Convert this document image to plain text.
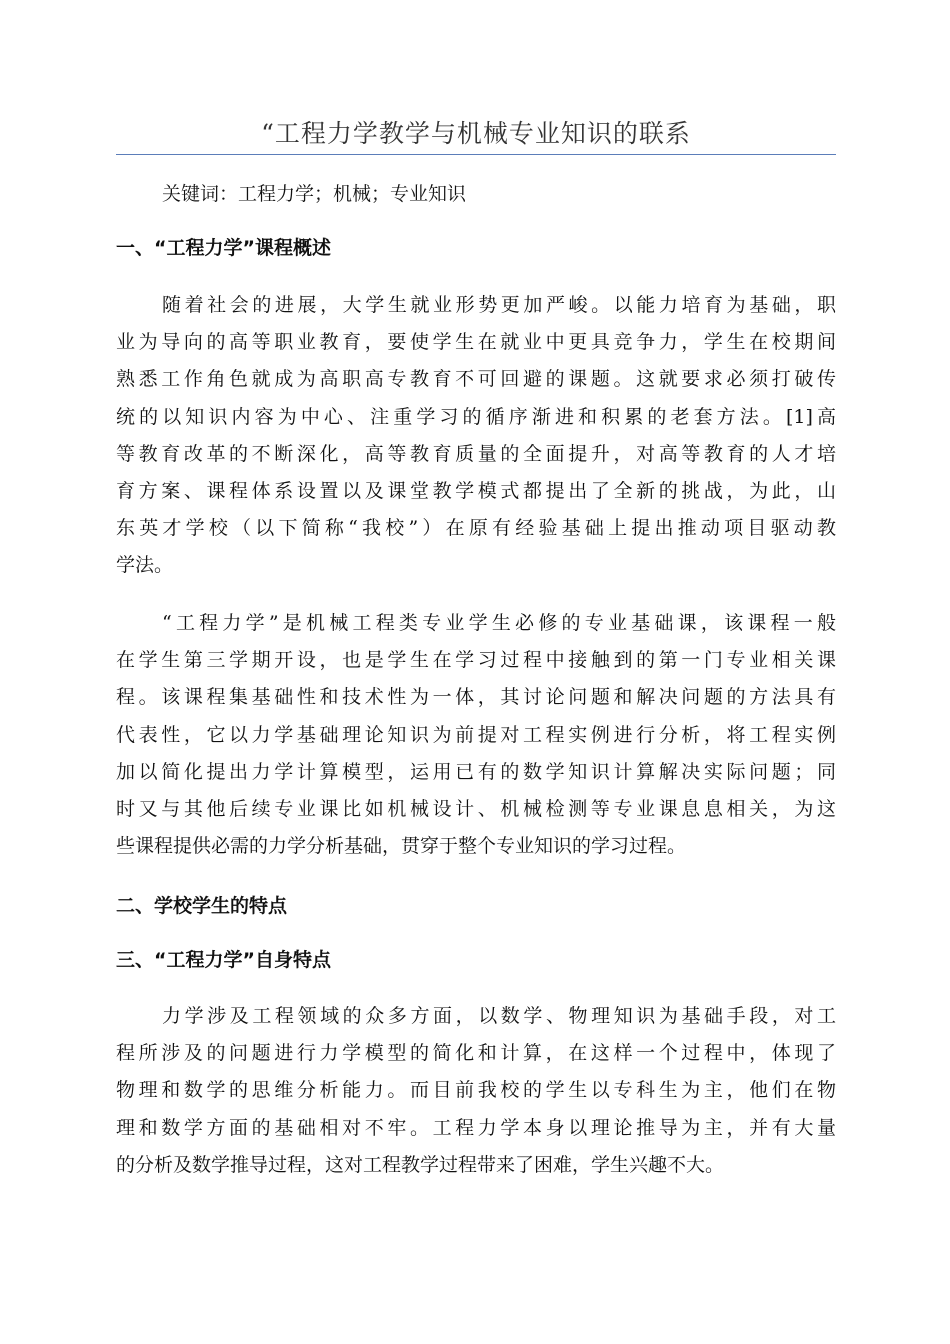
“工程力学教学与机械专业知识的联系
关键词：工程力学；机械；专业知识
一、“工程力学”课程概述
随着社会的进展，大学生就业形势更加严峻。以能力培育为基础，职
业为导向的高等职业教育，要使学生在就业中更具竞争力，学生在校期间
熟悉工作角色就成为高职高专教育不可回避的课题。这就要求必须打破传
统的以知识内容为中心、注重学习的循序渐进和积累的老套方法。[1]高
等教育改革的不断深化，高等教育质量的全面提升，对高等教育的人才培
育方案、课程体系设置以及课堂教学模式都提出了全新的挑战，为此，山
东英才学校（以下简称“我校”）在原有经验基础上提出推动项目驱动教
学法。
“工程力学”是机械工程类专业学生必修的专业基础课，该课程一般
在学生第三学期开设，也是学生在学习过程中接触到的第一门专业相关课
程。该课程集基础性和技术性为一体，其讨论问题和解决问题的方法具有
代表性，它以力学基础理论知识为前提对工程实例进行分析，将工程实例
加以简化提出力学计算模型，运用已有的数学知识计算解决实际问题；同
时又与其他后续专业课比如机械设计、机械检测等专业课息息相关，为这
些课程提供必需的力学分析基础，贯穿于整个专业知识的学习过程。
二、学校学生的特点
三、“工程力学”自身特点
力学涉及工程领域的众多方面，以数学、物理知识为基础手段，对工
程所涉及的问题进行力学模型的简化和计算，在这样一个过程中，体现了
物理和数学的思维分析能力。而目前我校的学生以专科生为主，他们在物
理和数学方面的基础相对不牢。工程力学本身以理论推导为主，并有大量
的分析及数学推导过程，这对工程教学过程带来了困难，学生兴趣不大。
